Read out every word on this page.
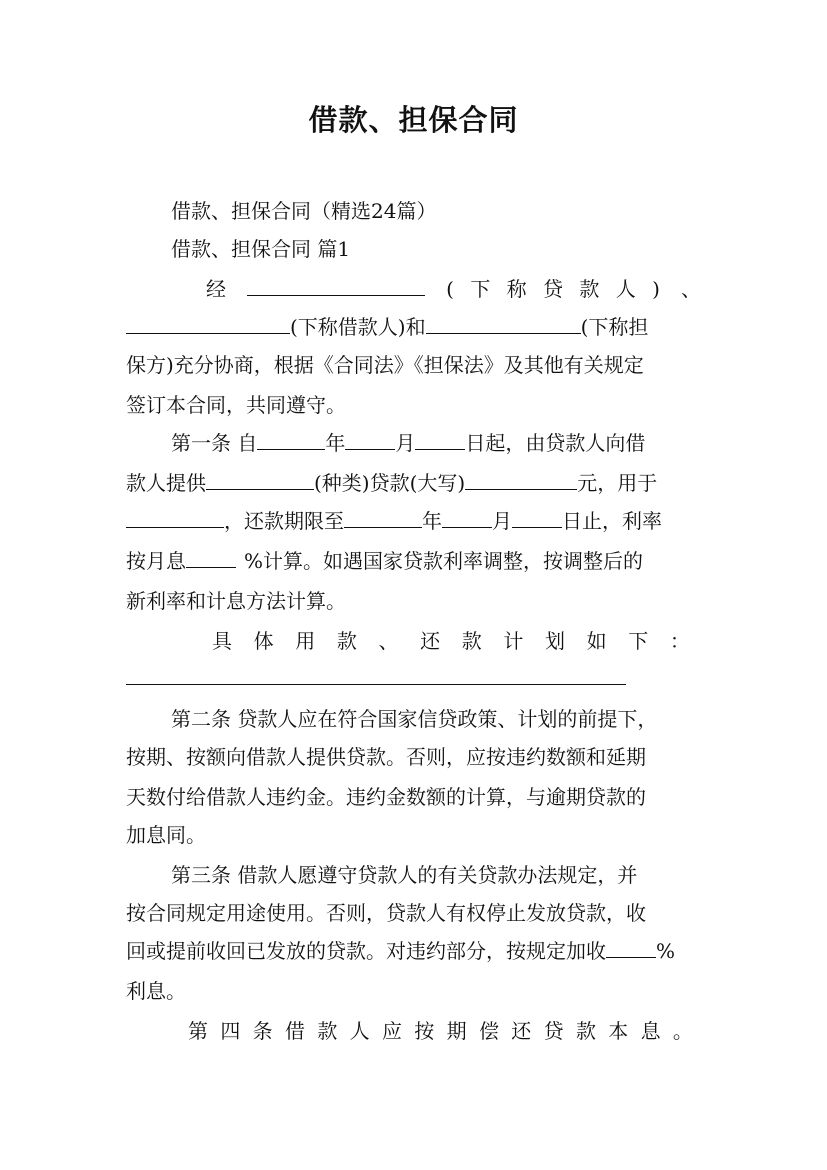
借款、担保合同
借款、担保合同（精选24篇）
借款、担保合同 篇1
经	( 下 称 贷 款 人 ) 、
(下称借款人)和	(下称担
保方)充分协商，根据《合同法》《担保法》及其他有关规定
签订本合同，共同遵守。
第一条 自	年	月	日起，由贷款人向借
款人提供	(种类)贷款(大写)	元，用于
，还款期限至	年	月	日止，利率
按月息	%计算。如遇国家贷款利率调整，按调整后的
新利率和计息方法计算。
具 体 用 款 、 还 款 计 划 如 下 ：
第二条 贷款人应在符合国家信贷政策、计划的前提下，
按期、按额向借款人提供贷款。否则，应按违约数额和延期
天数付给借款人违约金。违约金数额的计算，与逾期贷款的
加息同。
第三条 借款人愿遵守贷款人的有关贷款办法规定，并
按合同规定用途使用。否则，贷款人有权停止发放贷款，收
回或提前收回已发放的贷款。对违约部分，按规定加收	%
利息。
第 四 条 借 款 人 应 按 期 偿 还 贷 款 本 息 。
